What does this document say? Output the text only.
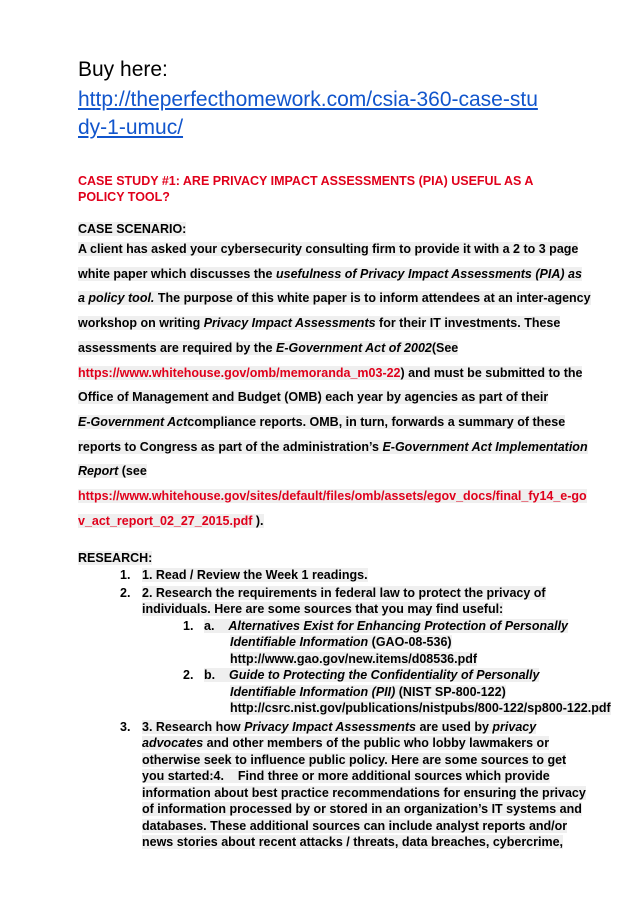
Buy here:

http://theperfecthomework.com/csia-360-case-study-1-umuc/

CASE STUDY #1: ARE PRIVACY IMPACT ASSESSMENTS (PIA) USEFUL AS A POLICY TOOL?

CASE SCENARIO:
A client has asked your cybersecurity consulting firm to provide it with a 2 to 3 page
white paper which discusses the usefulness of Privacy Impact Assessments (PIA) as
a policy tool. The purpose of this white paper is to inform attendees at an inter-agency
workshop on writing Privacy Impact Assessments for their IT investments. These
assessments are required by the E-Government Act of 2002(See
https://www.whitehouse.gov/omb/memoranda_m03-22) and must be submitted to the
Office of Management and Budget (OMB) each year by agencies as part of their
E-Government Actcompliance reports. OMB, in turn, forwards a summary of these
reports to Congress as part of the administration’s E-Government Act Implementation
Report (see
https://www.whitehouse.gov/sites/default/files/omb/assets/egov_docs/final_fy14_e-go
v_act_report_02_27_2015.pdf ).
RESEARCH:
1. 1. Read / Review the Week 1 readings.
2. 2. Research the requirements in federal law to protect the privacy of
individuals. Here are some sources that you may find useful:
1. a. Alternatives Exist for Enhancing Protection of Personally
Identifiable Information (GAO-08-536)
http://www.gao.gov/new.items/d08536.pdf
2. b. Guide to Protecting the Confidentiality of Personally
Identifiable Information (PII) (NIST SP-800-122)
http://csrc.nist.gov/publications/nistpubs/800-122/sp800-122.pdf
3. 3. Research how Privacy Impact Assessments are used by privacy
advocates and other members of the public who lobby lawmakers or
otherwise seek to influence public policy. Here are some sources to get
you started:4.    Find three or more additional sources which provide
information about best practice recommendations for ensuring the privacy
of information processed by or stored in an organization’s IT systems and
databases. These additional sources can include analyst reports and/or
news stories about recent attacks / threats, data breaches, cybercrime,
